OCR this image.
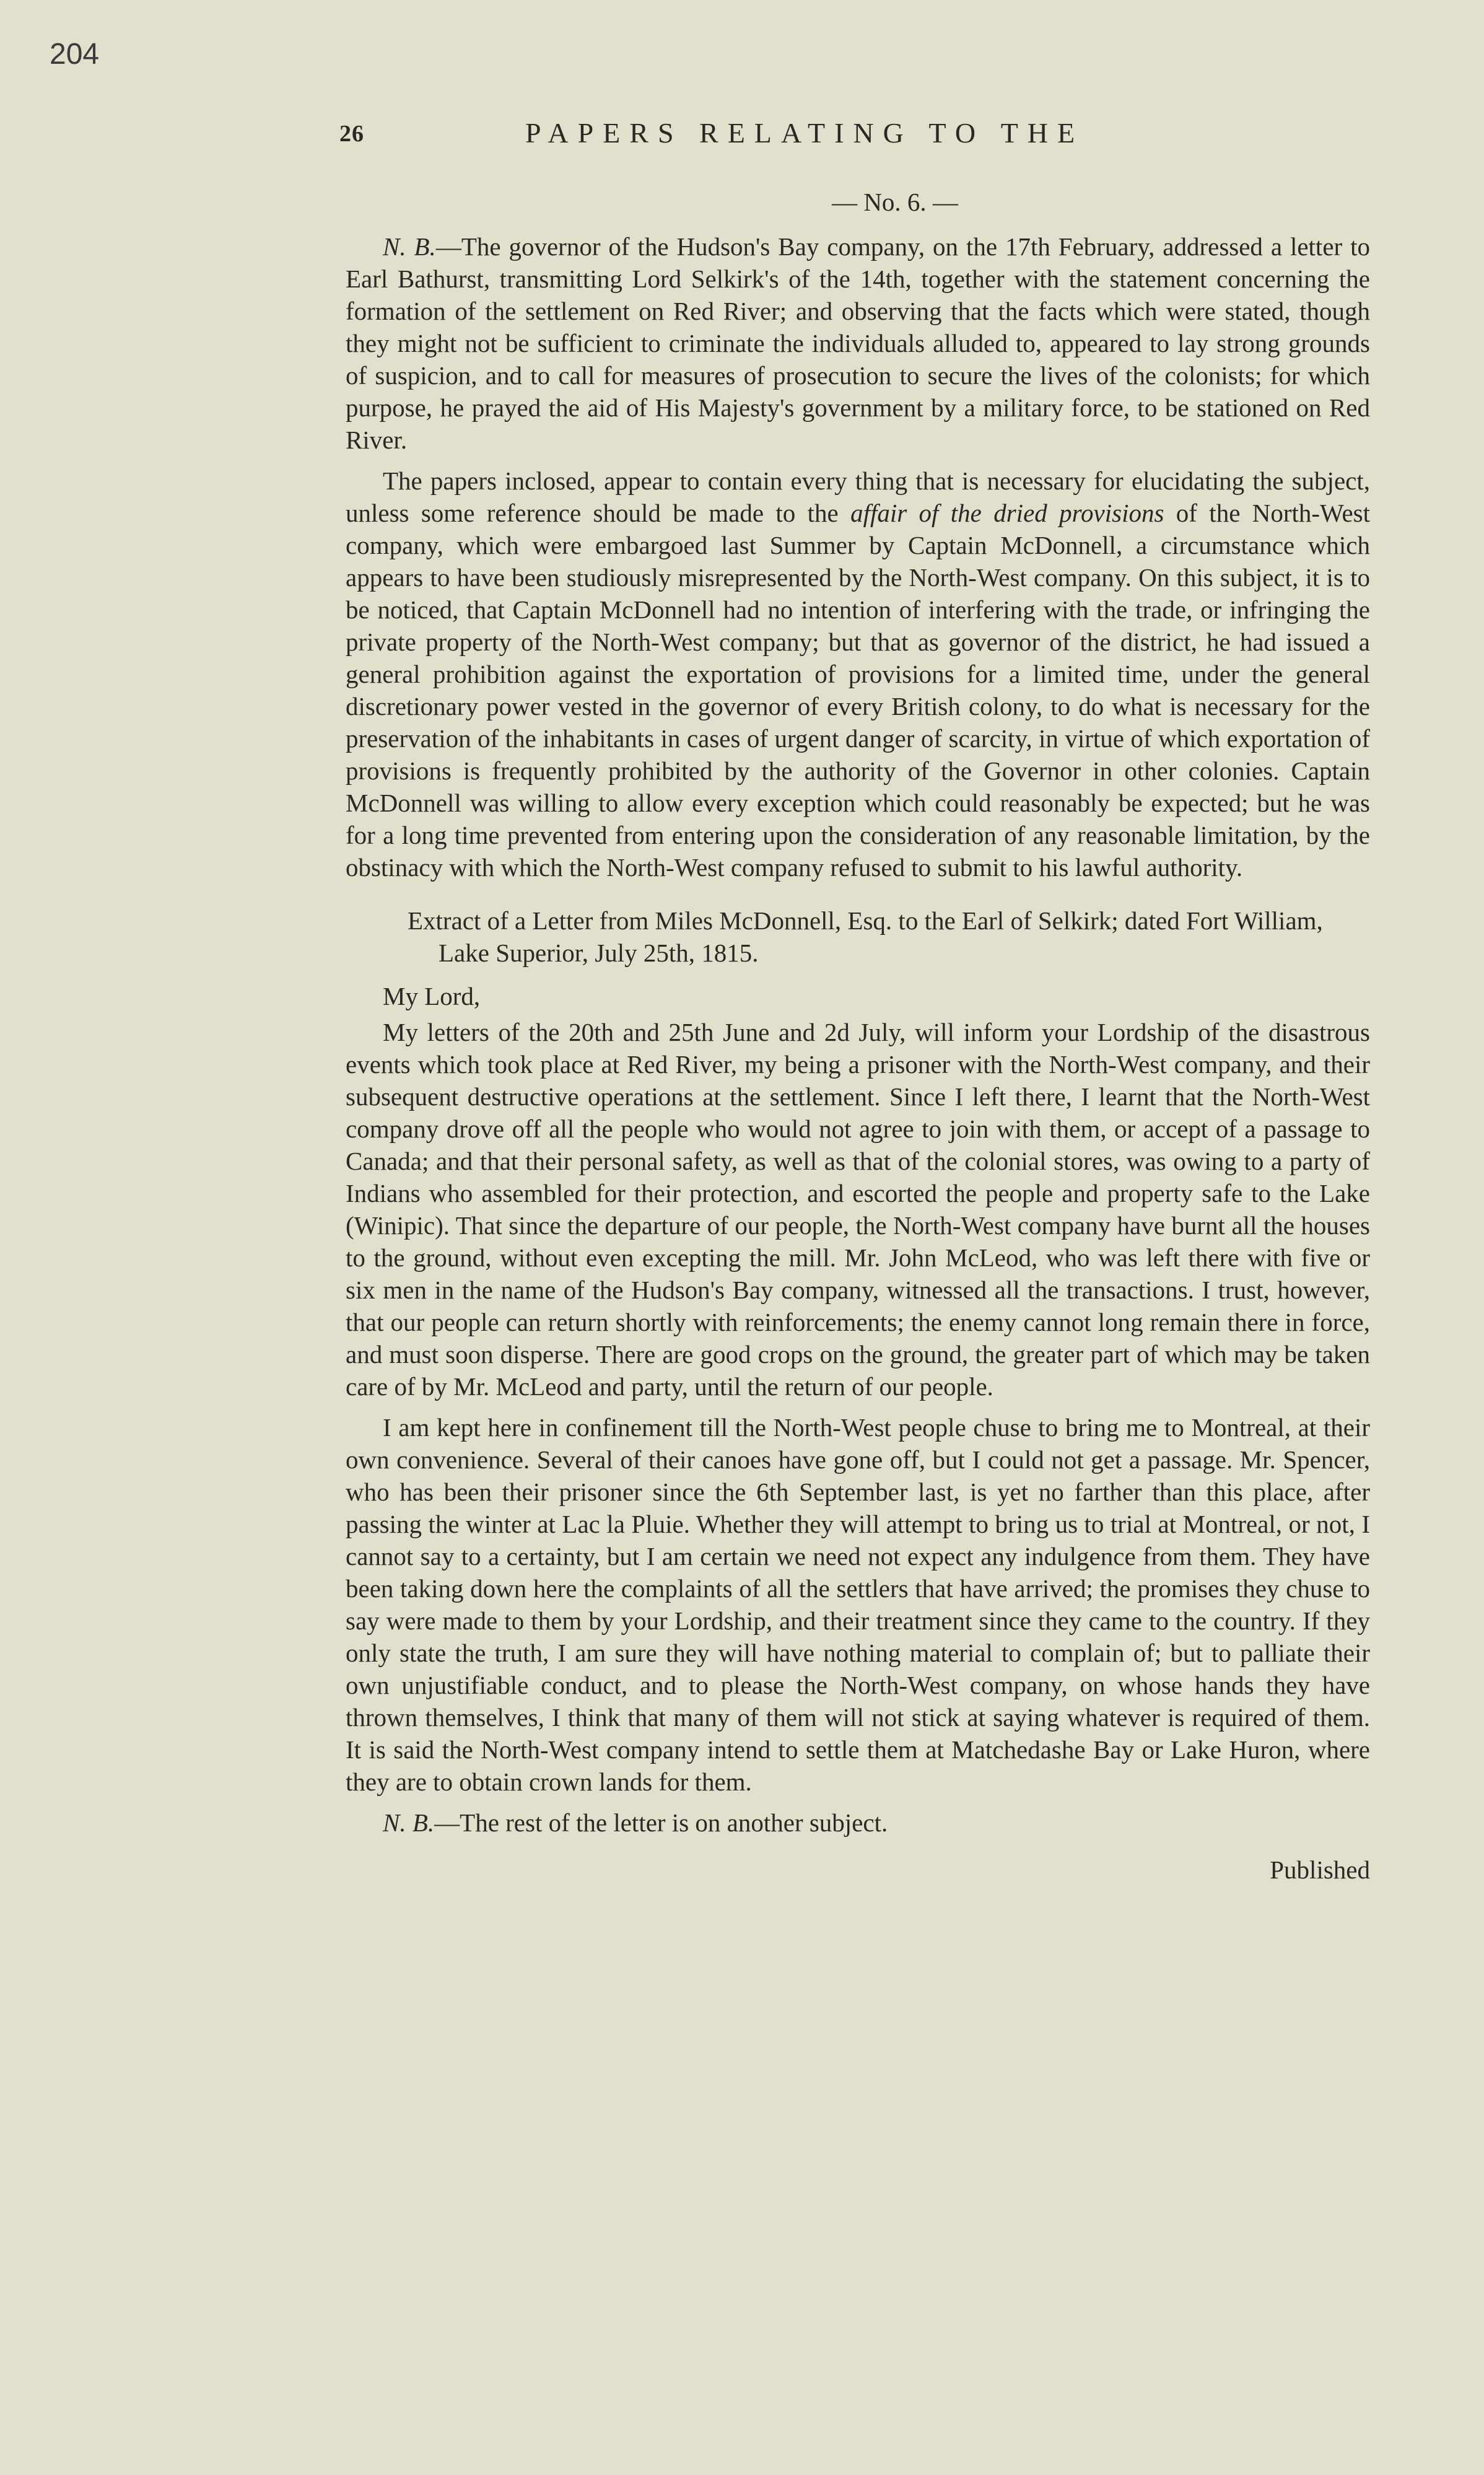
204
26	PAPERS RELATING TO THE
— No. 6. —

N. B.—The governor of the Hudson's Bay company, on the 17th February, addressed a letter to Earl Bathurst, transmitting Lord Selkirk's of the 14th, together with the statement concerning the formation of the settlement on Red River; and observing that the facts which were stated, though they might not be sufficient to criminate the individuals alluded to, appeared to lay strong grounds of suspicion, and to call for measures of prosecution to secure the lives of the colonists; for which purpose, he prayed the aid of His Majesty's government by a military force, to be stationed on Red River.

The papers inclosed, appear to contain every thing that is necessary for elucidating the subject, unless some reference should be made to the affair of the dried provisions of the North-West company, which were embargoed last Summer by Captain McDonnell, a circumstance which appears to have been studiously misrepresented by the North-West company. On this subject, it is to be noticed, that Captain McDonnell had no intention of interfering with the trade, or infringing the private property of the North-West company; but that as governor of the district, he had issued a general prohibition against the exportation of provisions for a limited time, under the general discretionary power vested in the governor of every British colony, to do what is necessary for the preservation of the inhabitants in cases of urgent danger of scarcity, in virtue of which exportation of provisions is frequently prohibited by the authority of the Governor in other colonies. Captain McDonnell was willing to allow every exception which could reasonably be expected; but he was for a long time prevented from entering upon the consideration of any reasonable limitation, by the obstinacy with which the North-West company refused to submit to his lawful authority.

Extract of a Letter from Miles McDonnell, Esq. to the Earl of Selkirk; dated Fort William, Lake Superior, July 25th, 1815.

My Lord,

My letters of the 20th and 25th June and 2d July, will inform your Lordship of the disastrous events which took place at Red River, my being a prisoner with the North-West company, and their subsequent destructive operations at the settlement. Since I left there, I learnt that the North-West company drove off all the people who would not agree to join with them, or accept of a passage to Canada; and that their personal safety, as well as that of the colonial stores, was owing to a party of Indians who assembled for their protection, and escorted the people and property safe to the Lake (Winipic). That since the departure of our people, the North-West company have burnt all the houses to the ground, without even excepting the mill. Mr. John McLeod, who was left there with five or six men in the name of the Hudson's Bay company, witnessed all the transactions. I trust, however, that our people can return shortly with reinforcements; the enemy cannot long remain there in force, and must soon disperse. There are good crops on the ground, the greater part of which may be taken care of by Mr. McLeod and party, until the return of our people.

I am kept here in confinement till the North-West people chuse to bring me to Montreal, at their own convenience. Several of their canoes have gone off, but I could not get a passage. Mr. Spencer, who has been their prisoner since the 6th September last, is yet no farther than this place, after passing the winter at Lac la Pluie. Whether they will attempt to bring us to trial at Montreal, or not, I cannot say to a certainty, but I am certain we need not expect any indulgence from them. They have been taking down here the complaints of all the settlers that have arrived; the promises they chuse to say were made to them by your Lordship, and their treatment since they came to the country. If they only state the truth, I am sure they will have nothing material to complain of; but to palliate their own unjustifiable conduct, and to please the North-West company, on whose hands they have thrown themselves, I think that many of them will not stick at saying whatever is required of them. It is said the North-West company intend to settle them at Matchedashe Bay or Lake Huron, where they are to obtain crown lands for them.

N. B.—The rest of the letter is on another subject.

Published
